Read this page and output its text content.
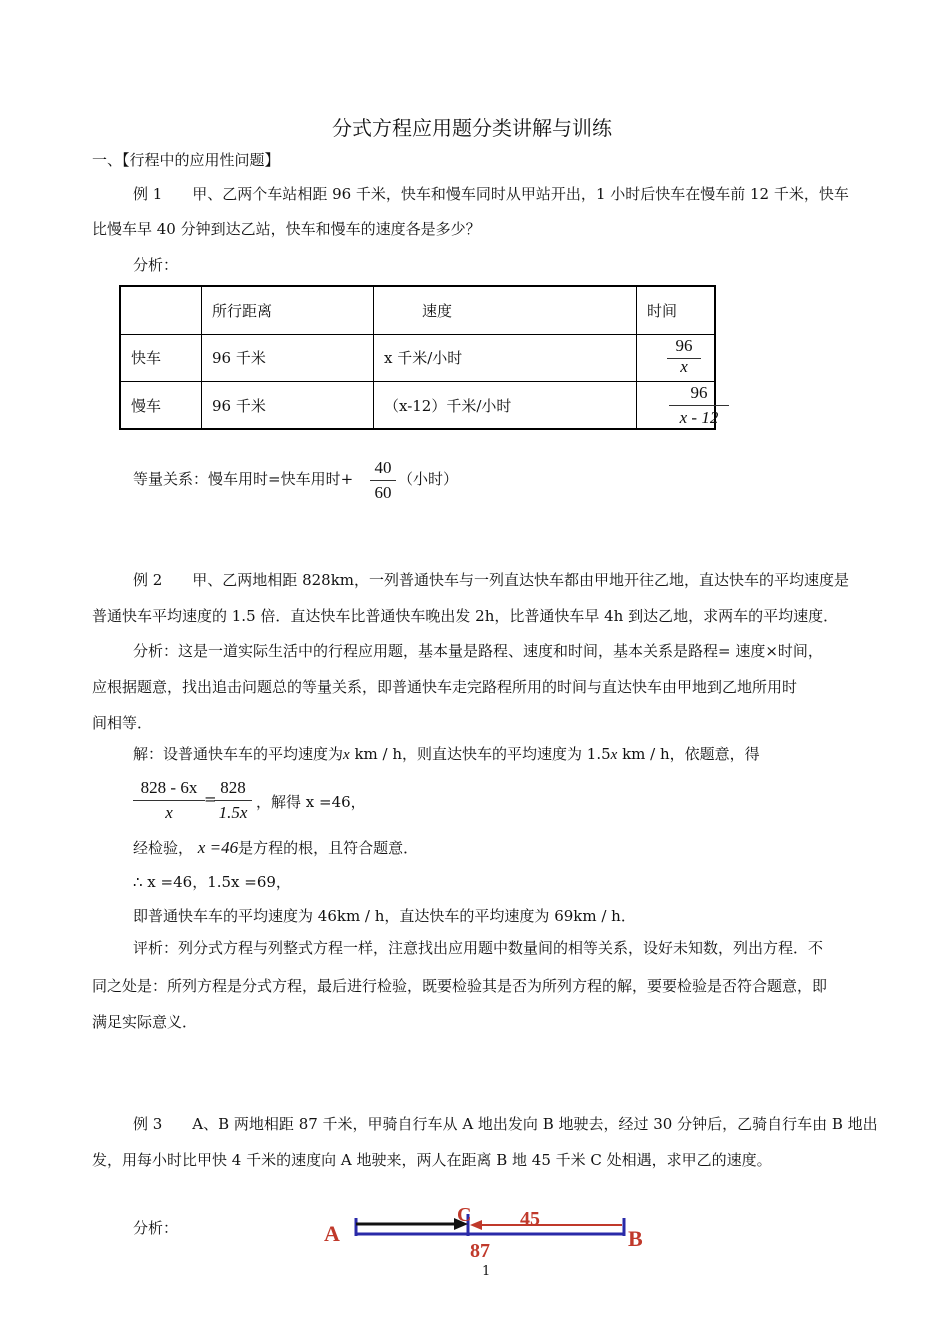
分式方程应用题分类讲解与训练
一、【行程中的应用性问题】
例 1　　甲、乙两个车站相距 96 千米，快车和慢车同时从甲站开出，1 小时后快车在慢车前 12 千米，快车
比慢车早 40 分钟到达乙站，快车和慢车的速度各是多少？
分析：
	所行距离	速度	时间
快车	96 千米	x 千米/小时	96
x

慢车	96 千米	（x-12）千米/小时	96
x - 12
等量关系：慢车用时=快车用时+
40
60
（小时）
例 2　　甲、乙两地相距 828km，一列普通快车与一列直达快车都由甲地开往乙地，直达快车的平均速度是
普通快车平均速度的 1.5 倍．直达快车比普通快车晚出发 2h，比普通快车早 4h 到达乙地，求两车的平均速度．
分析：这是一道实际生活中的行程应用题，基本量是路程、速度和时间，基本关系是路程= 速度×时间，
应根据题意，找出追击问题总的等量关系，即普通快车走完路程所用的时间与直达快车由甲地到乙地所用时
间相等．
解：设普通快车车的平均速度为x km / h，则直达快车的平均速度为 1.5x km / h，依题意，得
828 - 6x
x
=
828
1.5x
，解得 x =46，
经检验， x =46是方程的根，且符合题意．
∴ x =46，1.5x =69，
即普通快车车的平均速度为 46km / h，直达快车的平均速度为 69km / h．
评析：列分式方程与列整式方程一样，注意找出应用题中数量间的相等关系，设好未知数，列出方程．不
同之处是：所列方程是分式方程，最后进行检验，既要检验其是否为所列方程的解，要要检验是否符合题意，即
满足实际意义．
例 3　　A、B 两地相距 87 千米，甲骑自行车从 A 地出发向 B 地驶去，经过 30 分钟后，乙骑自行车由 B 地出
发，用每小时比甲快 4 千米的速度向 A 地驶来，两人在距离 B 地 45 千米 C 处相遇，求甲乙的速度。
分析：	A
C 45
87	B
1
